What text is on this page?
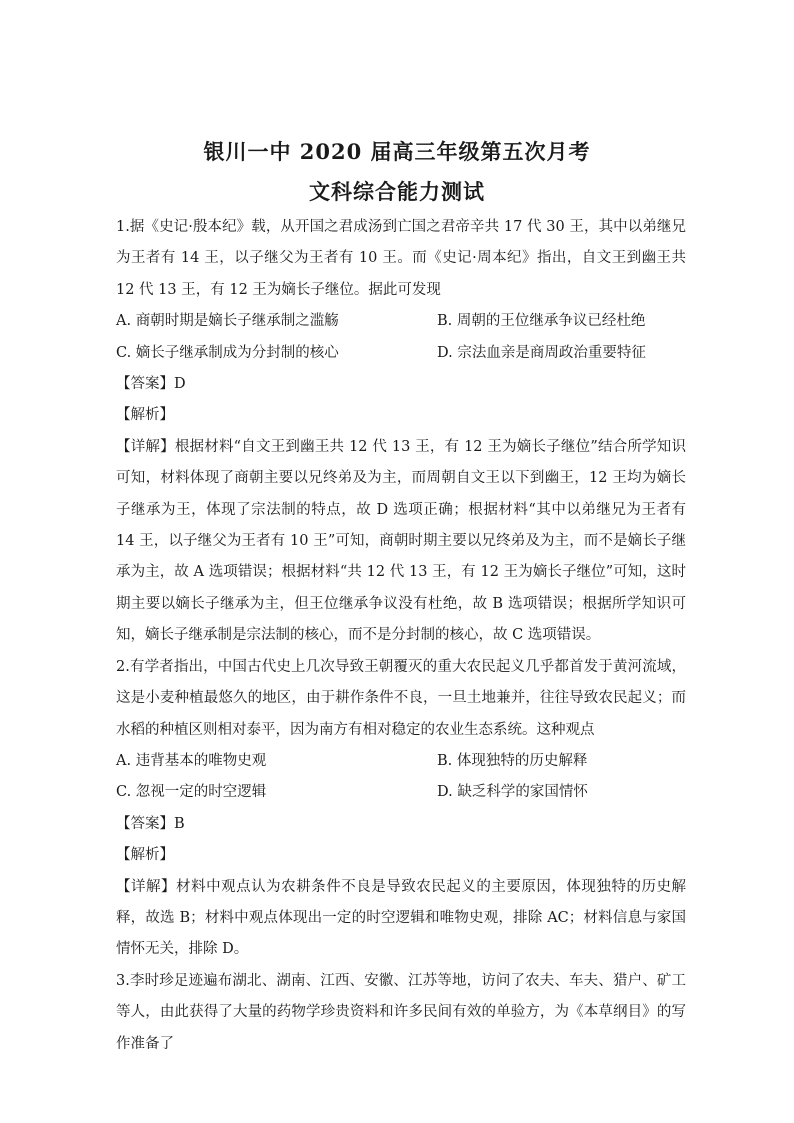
银川一中 2020 届高三年级第五次月考
文科综合能力测试

1.据《史记·殷本纪》载，从开国之君成汤到亡国之君帝辛共 17 代 30 王，其中以弟继兄为王者有 14 王，以子继父为王者有 10 王。而《史记·周本纪》指出，自文王到幽王共 12 代 13 王，有 12 王为嫡长子继位。据此可发现

A. 商朝时期是嫡长子继承制之滥觞	B. 周朝的王位继承争议已经杜绝
C. 嫡长子继承制成为分封制的核心	D. 宗法血亲是商周政治重要特征

【答案】D

【解析】

【详解】根据材料“自文王到幽王共 12 代 13 王，有 12 王为嫡长子继位”结合所学知识可知，材料体现了商朝主要以兄终弟及为主，而周朝自文王以下到幽王，12 王均为嫡长子继承为王，体现了宗法制的特点，故 D 选项正确；根据材料“其中以弟继兄为王者有 14 王，以子继父为王者有 10 王”可知，商朝时期主要以兄终弟及为主，而不是嫡长子继承为主，故 A 选项错误；根据材料“共 12 代 13 王，有 12 王为嫡长子继位”可知，这时期主要以嫡长子继承为主，但王位继承争议没有杜绝，故 B 选项错误；根据所学知识可知，嫡长子继承制是宗法制的核心，而不是分封制的核心，故 C 选项错误。

2.有学者指出，中国古代史上几次导致王朝覆灭的重大农民起义几乎都首发于黄河流域，这是小麦种植最悠久的地区，由于耕作条件不良，一旦土地兼并，往往导致农民起义；而水稻的种植区则相对泰平，因为南方有相对稳定的农业生态系统。这种观点

A. 违背基本的唯物史观	B. 体现独特的历史解释
C. 忽视一定的时空逻辑	D. 缺乏科学的家国情怀

【答案】B

【解析】

【详解】材料中观点认为农耕条件不良是导致农民起义的主要原因，体现独特的历史解释，故选 B；材料中观点体现出一定的时空逻辑和唯物史观，排除 AC；材料信息与家国情怀无关，排除 D。

3.李时珍足迹遍布湖北、湖南、江西、安徽、江苏等地，访问了农夫、车夫、猎户、矿工等人，由此获得了大量的药物学珍贵资料和许多民间有效的单验方，为《本草纲目》的写作准备了
